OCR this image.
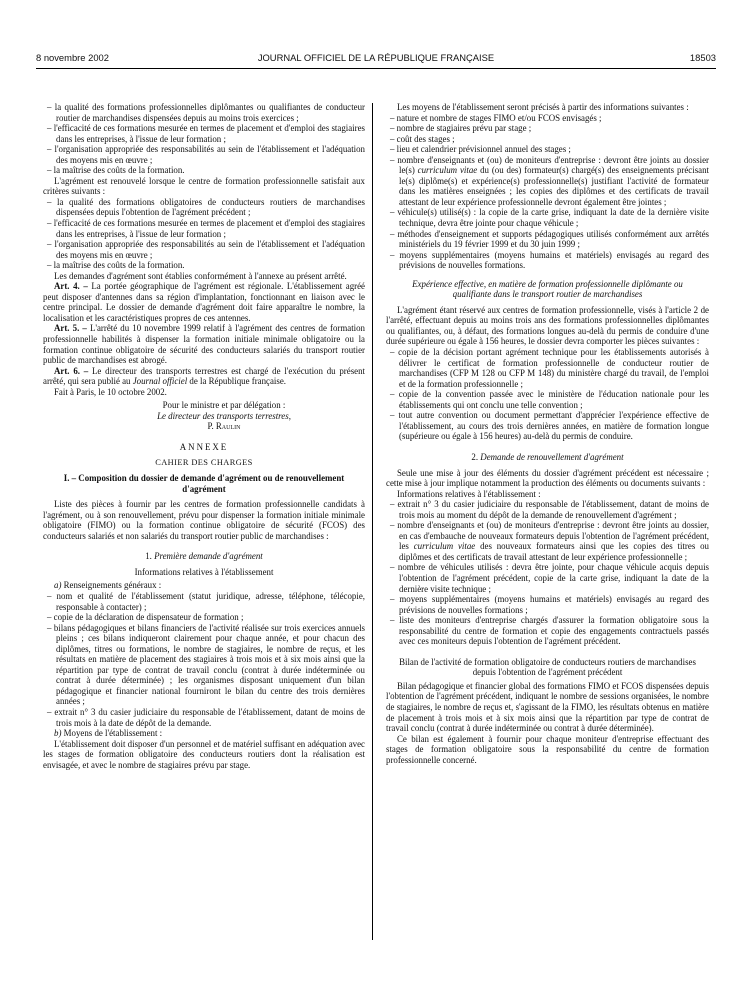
8 novembre 2002	JOURNAL OFFICIEL DE LA RÉPUBLIQUE FRANÇAISE	18503
– la qualité des formations professionnelles diplômantes ou qualifiantes de conducteur routier de marchandises dispensées depuis au moins trois exercices ;
– l'efficacité de ces formations mesurée en termes de placement et d'emploi des stagiaires dans les entreprises, à l'issue de leur formation ;
– l'organisation appropriée des responsabilités au sein de l'établissement et l'adéquation des moyens mis en œuvre ;
– la maîtrise des coûts de la formation.

L'agrément est renouvelé lorsque le centre de formation professionnelle satisfait aux critères suivants :

– la qualité des formations obligatoires de conducteurs routiers de marchandises dispensées depuis l'obtention de l'agrément précédent ;
– l'efficacité de ces formations mesurée en termes de placement et d'emploi des stagiaires dans les entreprises, à l'issue de leur formation ;
– l'organisation appropriée des responsabilités au sein de l'établissement et l'adéquation des moyens mis en œuvre ;
– la maîtrise des coûts de la formation.

Les demandes d'agrément sont établies conformément à l'annexe au présent arrêté.

Art. 4. – La portée géographique de l'agrément est régionale. L'établissement agréé peut disposer d'antennes dans sa région d'implantation, fonctionnant en liaison avec le centre principal. Le dossier de demande d'agrément doit faire apparaître le nombre, la localisation et les caractéristiques propres de ces antennes.

Art. 5. – L'arrêté du 10 novembre 1999 relatif à l'agrément des centres de formation professionnelle habilités à dispenser la formation initiale minimale obligatoire ou la formation continue obligatoire de sécurité des conducteurs salariés du transport routier public de marchandises est abrogé.

Art. 6. – Le directeur des transports terrestres est chargé de l'exécution du présent arrêté, qui sera publié au Journal officiel de la République française.

Fait à Paris, le 10 octobre 2002.

Pour le ministre et par délégation :
Le directeur des transports terrestres,
P. Raulin
ANNEXE
CAHIER DES CHARGES
I. – Composition du dossier de demande d'agrément ou de renouvellement d'agrément

Liste des pièces à fournir par les centres de formation professionnelle candidats à l'agrément, ou à son renouvellement, prévu pour dispenser la formation initiale minimale obligatoire (FIMO) ou la formation continue obligatoire de sécurité (FCOS) des conducteurs salariés et non salariés du transport routier public de marchandises :

1. Première demande d'agrément
Informations relatives à l'établissement

a) Renseignements généraux :

– nom et qualité de l'établissement (statut juridique, adresse, téléphone, télécopie, responsable à contacter) ;
– copie de la déclaration de dispensateur de formation ;
– bilans pédagogiques et bilans financiers de l'activité réalisée sur trois exercices annuels pleins ; ces bilans indiqueront clairement pour chaque année, et pour chacun des diplômes, titres ou formations, le nombre de stagiaires, le nombre de reçus, et les résultats en matière de placement des stagiaires à trois mois et à six mois ainsi que la répartition par type de contrat de travail conclu (contrat à durée indéterminée ou contrat à durée déterminée) ; les organismes disposant uniquement d'un bilan pédagogique et financier national fourniront le bilan du centre des trois dernières années ;
– extrait n° 3 du casier judiciaire du responsable de l'établissement, datant de moins de trois mois à la date de dépôt de la demande.

b) Moyens de l'établissement :

L'établissement doit disposer d'un personnel et de matériel suffisant en adéquation avec les stages de formation obligatoire des conducteurs routiers dont la réalisation est envisagée, et avec le nombre de stagiaires prévu par stage.

Les moyens de l'établissement seront précisés à partir des informations suivantes :

– nature et nombre de stages FIMO et/ou FCOS envisagés ;
– nombre de stagiaires prévu par stage ;
– coût des stages ;
– lieu et calendrier prévisionnel annuel des stages ;
– nombre d'enseignants et (ou) de moniteurs d'entreprise : devront être joints au dossier le(s) curriculum vitae du (ou des) formateur(s) chargé(s) des enseignements précisant le(s) diplôme(s) et expérience(s) professionnelle(s) justifiant l'activité de formateur dans les matières enseignées ; les copies des diplômes et des certificats de travail attestant de leur expérience professionnelle devront également être jointes ;
– véhicule(s) utilisé(s) : la copie de la carte grise, indiquant la date de la dernière visite technique, devra être jointe pour chaque véhicule ;
– méthodes d'enseignement et supports pédagogiques utilisés conformément aux arrêtés ministériels du 19 février 1999 et du 30 juin 1999 ;
– moyens supplémentaires (moyens humains et matériels) envisagés au regard des prévisions de nouvelles formations.
Expérience effective, en matière de formation professionnelle diplômante ou qualifiante dans le transport routier de marchandises

L'agrément étant réservé aux centres de formation professionnelle, visés à l'article 2 de l'arrêté, effectuant depuis au moins trois ans des formations professionnelles diplômantes ou qualifiantes, ou, à défaut, des formations longues au-delà du permis de conduire d'une durée supérieure ou égale à 156 heures, le dossier devra comporter les pièces suivantes :

– copie de la décision portant agrément technique pour les établissements autorisés à délivrer le certificat de formation professionnelle de conducteur routier de marchandises (CFP M 128 ou CFP M 148) du ministère chargé du travail, de l'emploi et de la formation professionnelle ;
– copie de la convention passée avec le ministère de l'éducation nationale pour les établissements qui ont conclu une telle convention ;
– tout autre convention ou document permettant d'apprécier l'expérience effective de l'établissement, au cours des trois dernières années, en matière de formation longue (supérieure ou égale à 156 heures) au-delà du permis de conduire.
2. Demande de renouvellement d'agrément

Seule une mise à jour des éléments du dossier d'agrément précédent est nécessaire ; cette mise à jour implique notamment la production des éléments ou documents suivants :

Informations relatives à l'établissement :

– extrait n° 3 du casier judiciaire du responsable de l'établissement, datant de moins de trois mois au moment du dépôt de la demande de renouvellement d'agrément ;
– nombre d'enseignants et (ou) de moniteurs d'entreprise : devront être joints au dossier, en cas d'embauche de nouveaux formateurs depuis l'obtention de l'agrément précédent, les curriculum vitae des nouveaux formateurs ainsi que les copies des titres ou diplômes et des certificats de travail attestant de leur expérience professionnelle ;
– nombre de véhicules utilisés : devra être jointe, pour chaque véhicule acquis depuis l'obtention de l'agrément précédent, copie de la carte grise, indiquant la date de la dernière visite technique ;
– moyens supplémentaires (moyens humains et matériels) envisagés au regard des prévisions de nouvelles formations ;
– liste des moniteurs d'entreprise chargés d'assurer la formation obligatoire sous la responsabilité du centre de formation et copie des engagements contractuels passés avec ces moniteurs depuis l'obtention de l'agrément précédent.
Bilan de l'activité de formation obligatoire de conducteurs routiers de marchandises depuis l'obtention de l'agrément précédent

Bilan pédagogique et financier global des formations FIMO et FCOS dispensées depuis l'obtention de l'agrément précédent, indiquant le nombre de sessions organisées, le nombre de stagiaires, le nombre de reçus et, s'agissant de la FIMO, les résultats obtenus en matière de placement à trois mois et à six mois ainsi que la répartition par type de contrat de travail conclu (contrat à durée indéterminée ou contrat à durée déterminée).

Ce bilan est également à fournir pour chaque moniteur d'entreprise effectuant des stages de formation obligatoire sous la responsabilité du centre de formation professionnelle concerné.
